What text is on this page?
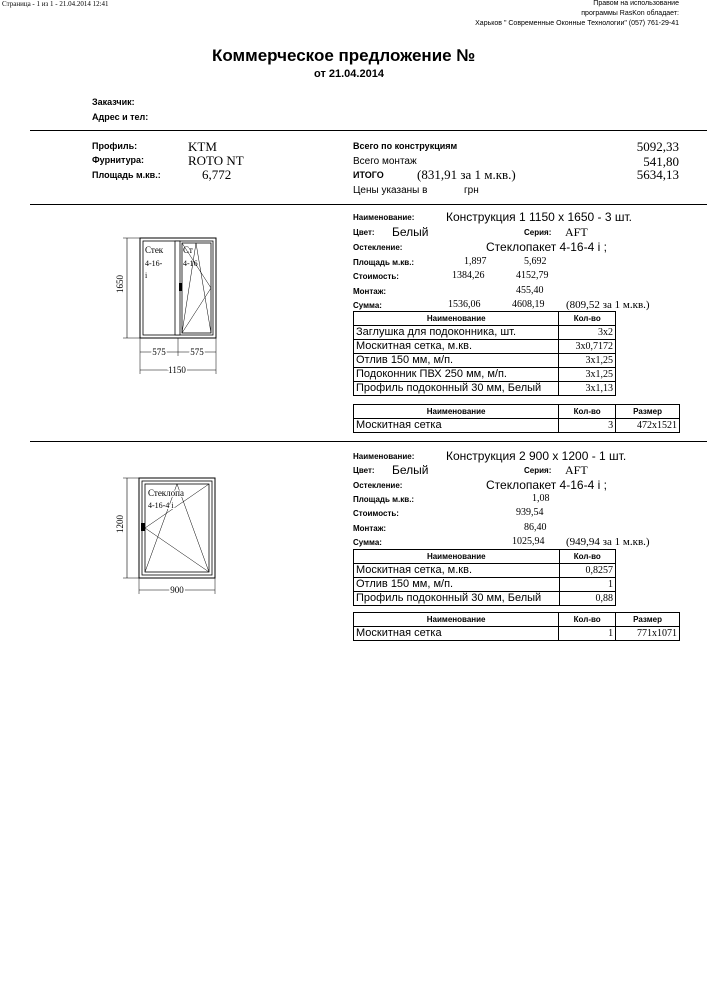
Страница - 1 из 1 - 21.04.2014 12:41	Правом на использование
программы RasKon обладает:
Харьков " Современные Оконные Технологии" (057) 761-29-41
Коммерческое предложение №
от 21.04.2014
Заказчик:
Адрес и тел:
Профиль:	KTM
Фурнитура:	ROTO NT
Площадь м.кв.:	6,772
Всего по конструкциям	5092,33
Всего монтаж	541,80
ИТОГО	(831,91 за 1 м.кв.)	5634,13
Цены указаны в	грн
Стек
4-16-
i
Ст
4-16
1650
575	575
1150
Наименование:	Конструкция 1 1150 x 1650 - 3 шт.
Цвет: Белый	Серия: AFT
Остекление:	Стеклопакет 4-16-4 i ;
Площадь м.кв.:	1,897	5,692
Стоимость:	1384,26	4152,79
Монтаж:	455,40
Сумма:	1536,06	4608,19 (809,52 за 1 м.кв.)
Наименование	Кол-во
Заглушка для подоконника, шт.	3x2
Москитная сетка, м.кв.	3x0,7172
Отлив 150 мм, м/п.	3x1,25
Подоконник ПВХ 250 мм, м/п.	3x1,25
Профиль подоконный 30 мм, Белый	3x1,13
Наименование	Кол-во	Размер
Москитная сетка	3	472x1521
Стеклопа
4-16-4 i
1200
900
Наименование:	Конструкция 2 900 x 1200 - 1 шт.
Цвет: Белый	Серия: AFT
Остекление:	Стеклопакет 4-16-4 i ;
Площадь м.кв.:	1,08
Стоимость:	939,54
Монтаж:	86,40
Сумма:	1025,94 (949,94 за 1 м.кв.)
Наименование	Кол-во
Москитная сетка, м.кв.	0,8257
Отлив 150 мм, м/п.	1
Профиль подоконный 30 мм, Белый	0,88
Наименование	Кол-во	Размер
Москитная сетка	1	771x1071
